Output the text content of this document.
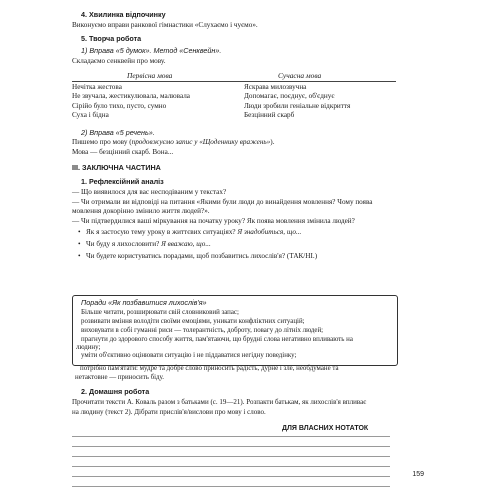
4. Хвилинка відпочинку
Виконуємо вправи ранкової гімнастики «Слухаємо і чуємо».
5. Творча робота
1) Вправа «5 думок». Метод «Сенквейн».
Складаємо сенквейн про мову.
Первісна мова	Сучасна мова
Нечітка жестова
Не звучала, жестикулювала, малювала
Сірійо було тихо, пусто, сумно
Суха і бідна
Яскрава милозвучна
Допомагає, поєднує, об'єднує
Люди зробили геніальне відкриття
Безцінний скарб
2) Вправа «5 речень».
Пишемо про мову (продовжуємо запис у «Щоденнику вражень»).
Мова — безцінний скарб. Вона...
III. ЗАКЛЮЧНА ЧАСТИНА
1. Рефлексійний аналіз
— Що виявилося для вас несподіваним у текстах?
— Чи отримали ви відповіді на питання «Якими були люди до винайдення мовлення? Чому поява
мовлення докорінно змінило життя людей?».
— Чи підтвердилися ваші міркування на початку уроку? Як поява мовлення змінила людей?
• Як я застосую тему уроку в життєвих ситуаціях? Я знадобиться, що...
• Чи буду я лихословити? Я вважаю, що...
• Чи будете користуватись порадами, щоб позбавитись лихослів'я? (ТАК/НІ.)
Поради «Як позбавитися лихослів'я»
Більше читати, розширювати свій словниковий запас;
розвивати вміння володіти своїми емоціями, уникати конфліктних ситуацій;
виховувати в собі гуманні риси — толерантність, доброту, повагу до літніх людей;
прагнути до здорового способу життя, пам'ятаючи, що брудні слова негативно впливають на
людину;
уміти об'єктивно оцінювати ситуацію і не піддаватися негідну поведінку;
потрібно пам'ятати: мудре та добре слово приносить радість, дурне і зле, необдумане та
нетактовне — приносить біду.
2. Домашня робота
Прочитати тексти А. Коваль разом з батьками (с. 19—21). Розпакти батькам, як лихослів'я впливає
на людину (текст 2). Дібрати прислів'я/вислови про мову і слово.
ДЛЯ ВЛАСНИХ НОТАТОК
159
